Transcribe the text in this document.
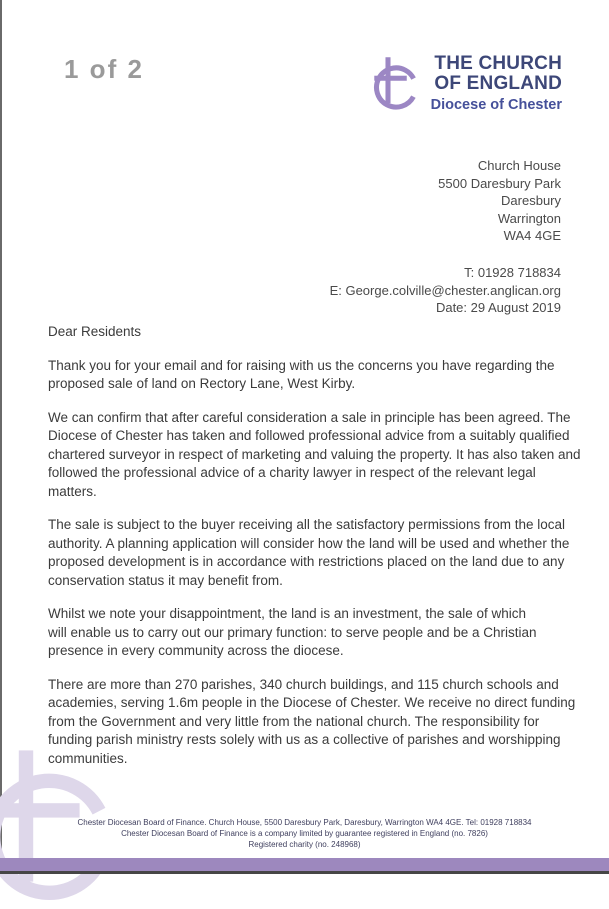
1 of 2	THE CHURCH
OF ENGLAND
Diocese of Chester
Church House
5500 Daresbury Park
Daresbury
Warrington
WA4 4GE
T: 01928 718834
E: George.colville@chester.anglican.org
Date: 29 August 2019

Dear Residents

Thank you for your email and for raising with us the concerns you have regarding the proposed sale of land on Rectory Lane, West Kirby.

We can confirm that after careful consideration a sale in principle has been agreed. The Diocese of Chester has taken and followed professional advice from a suitably qualified chartered surveyor in respect of marketing and valuing the property. It has also taken and followed the professional advice of a charity lawyer in respect of the relevant legal matters.

The sale is subject to the buyer receiving all the satisfactory permissions from the local authority. A planning application will consider how the land will be used and whether the proposed development is in accordance with restrictions placed on the land due to any conservation status it may benefit from.

Whilst we note your disappointment, the land is an investment, the sale of which will enable us to carry out our primary function: to serve people and be a Christian presence in every community across the diocese.

There are more than 270 parishes, 340 church buildings, and 115 church schools and academies, serving 1.6m people in the Diocese of Chester. We receive no direct funding from the Government and very little from the national church. The responsibility for funding parish ministry rests solely with us as a collective of parishes and worshipping communities.

Chester Diocesan Board of Finance. Church House, 5500 Daresbury Park, Daresbury, Warrington WA4 4GE. Tel: 01928 718834
Chester Diocesan Board of Finance is a company limited by guarantee registered in England (no. 7826)
Registered charity (no. 248968)
